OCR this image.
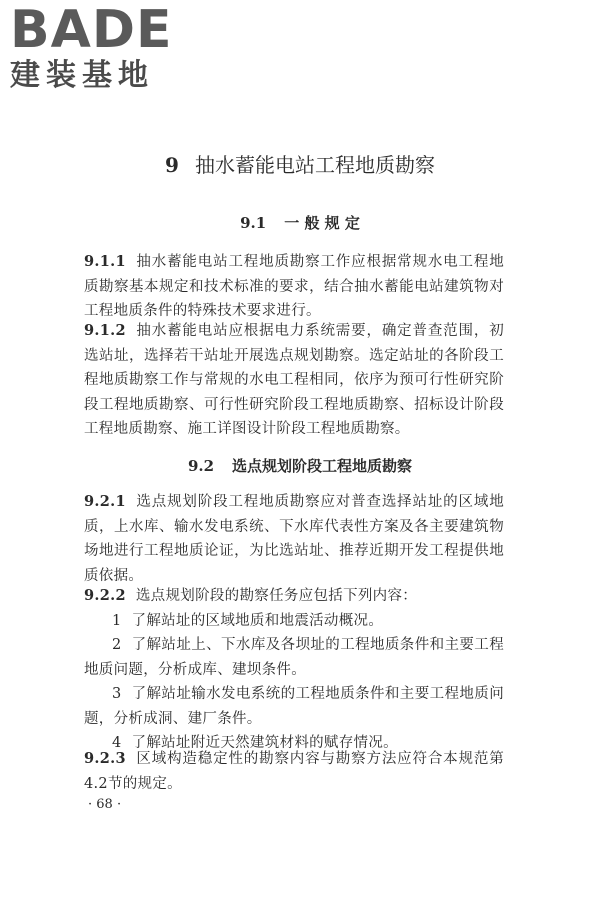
BADE
建装基地
9 抽水蓄能电站工程地质勘察
9.1 一 般 规 定

9.1.1 抽水蓄能电站工程地质勘察工作应根据常规水电工程地质勘察基本规定和技术标准的要求，结合抽水蓄能电站建筑物对工程地质条件的特殊技术要求进行。

9.1.2 抽水蓄能电站应根据电力系统需要，确定普查范围，初选站址，选择若干站址开展选点规划勘察。选定站址的各阶段工程地质勘察工作与常规的水电工程相同，依序为预可行性研究阶段工程地质勘察、可行性研究阶段工程地质勘察、招标设计阶段工程地质勘察、施工详图设计阶段工程地质勘察。

9.2 选点规划阶段工程地质勘察

9.2.1 选点规划阶段工程地质勘察应对普查选择站址的区域地质，上水库、输水发电系统、下水库代表性方案及各主要建筑物场地进行工程地质论证，为比选站址、推荐近期开发工程提供地质依据。

9.2.2 选点规划阶段的勘察任务应包括下列内容：

1 了解站址的区域地质和地震活动概况。

2 了解站址上、下水库及各坝址的工程地质条件和主要工程地质问题，分析成库、建坝条件。

3 了解站址输水发电系统的工程地质条件和主要工程地质问题，分析成洞、建厂条件。

4 了解站址附近天然建筑材料的赋存情况。

9.2.3 区域构造稳定性的勘察内容与勘察方法应符合本规范第4.2节的规定。

· 68 ·
